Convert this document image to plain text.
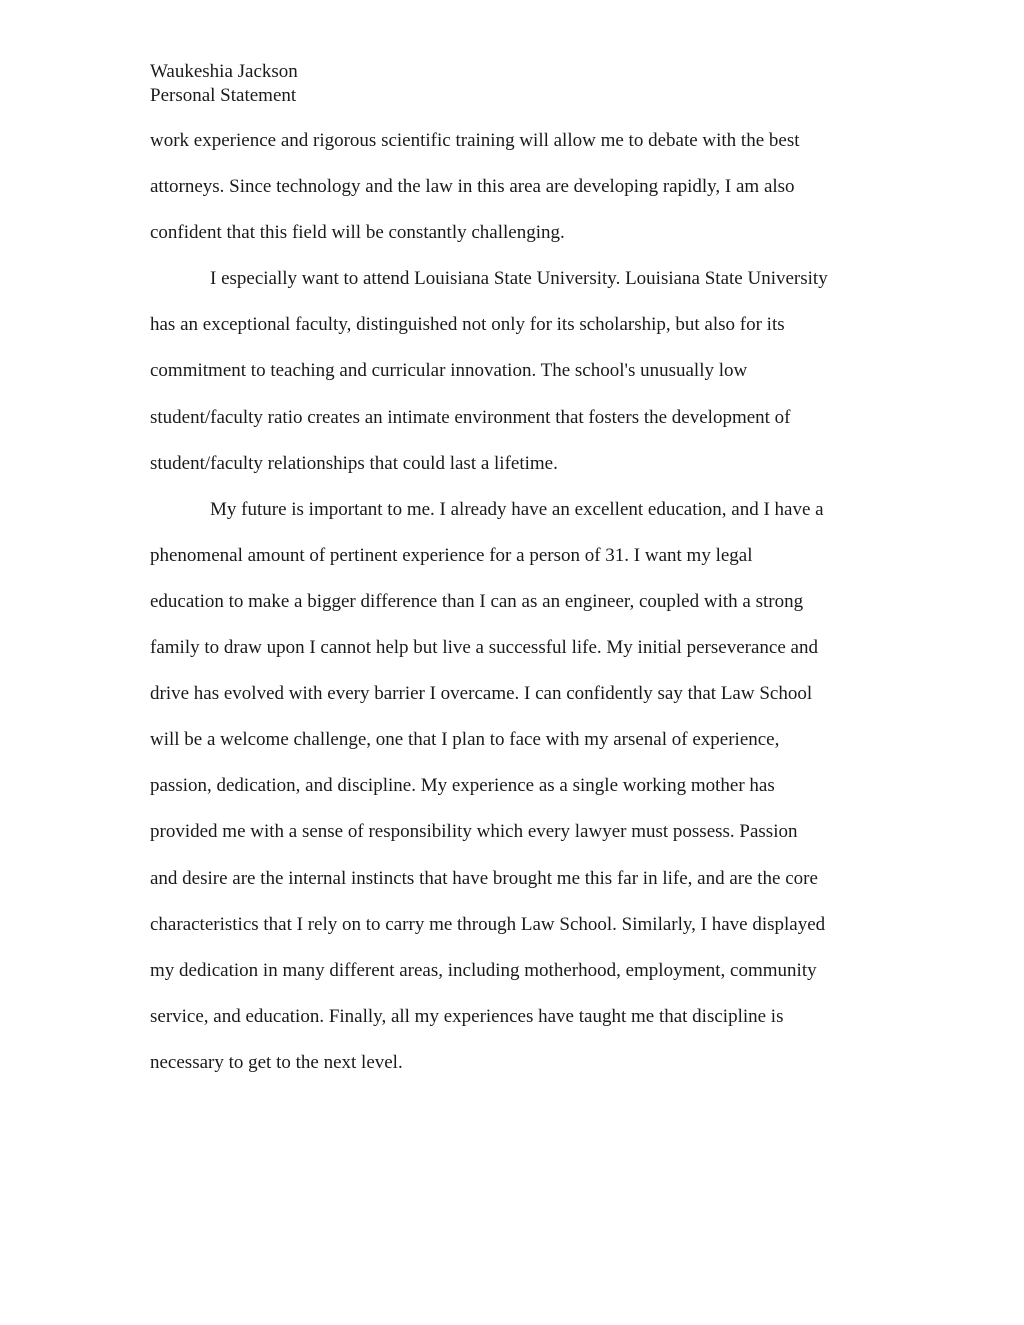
Waukeshia Jackson
Personal Statement
work experience and rigorous scientific training will allow me to debate with the best
attorneys. Since technology and the law in this area are developing rapidly, I am also
confident that this field will be constantly challenging.
I especially want to attend Louisiana State University. Louisiana State University
has an exceptional faculty, distinguished not only for its scholarship, but also for its
commitment to teaching and curricular innovation. The school's unusually low
student/faculty ratio creates an intimate environment that fosters the development of
student/faculty relationships that could last a lifetime.
My future is important to me. I already have an excellent education, and I have a
phenomenal amount of pertinent experience for a person of 31. I want my legal
education to make a bigger difference than I can as an engineer, coupled with a strong
family to draw upon I cannot help but live a successful life. My initial perseverance and
drive has evolved with every barrier I overcame. I can confidently say that Law School
will be a welcome challenge, one that I plan to face with my arsenal of experience,
passion, dedication, and discipline. My experience as a single working mother has
provided me with a sense of responsibility which every lawyer must possess. Passion
and desire are the internal instincts that have brought me this far in life, and are the core
characteristics that I rely on to carry me through Law School. Similarly, I have displayed
my dedication in many different areas, including motherhood, employment, community
service, and education. Finally, all my experiences have taught me that discipline is
necessary to get to the next level.
